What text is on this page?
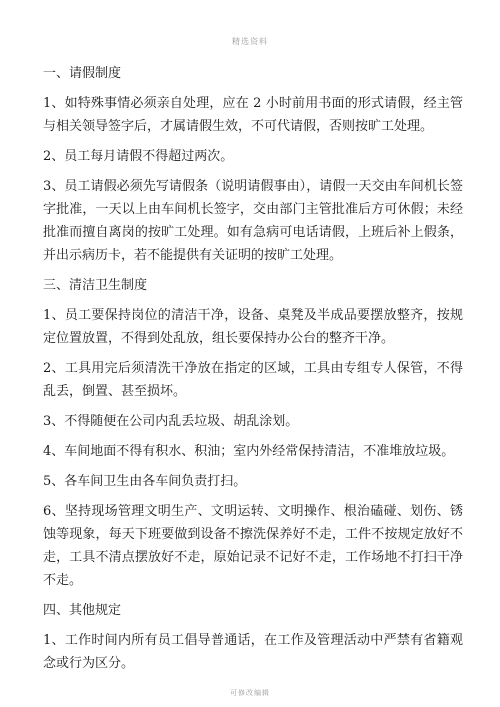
精选资料

一、请假制度

1、如特殊事情必须亲自处理，应在 2 小时前用书面的形式请假，经主管与相关领导签字后，才属请假生效，不可代请假，否则按旷工处理。

2、员工每月请假不得超过两次。

3、员工请假必须先写请假条（说明请假事由），请假一天交由车间机长签字批准，一天以上由车间机长签字，交由部门主管批准后方可休假；未经批准而擅自离岗的按旷工处理。如有急病可电话请假，上班后补上假条，并出示病历卡，若不能提供有关证明的按旷工处理。

三、清洁卫生制度

1、员工要保持岗位的清洁干净，设备、桌凳及半成品要摆放整齐，按规定位置放置，不得到处乱放，组长要保持办公台的整齐干净。

2、工具用完后须清洗干净放在指定的区域，工具由专组专人保管，不得乱丢，倒置、甚至损坏。

3、不得随便在公司内乱丢垃圾、胡乱涂划。

4、车间地面不得有积水、积油；室内外经常保持清洁，不准堆放垃圾。

5、各车间卫生由各车间负责打扫。

6、坚持现场管理文明生产、文明运转、文明操作、根治磕碰、划伤、锈蚀等现象，每天下班要做到设备不擦洗保养好不走，工件不按规定放好不走，工具不清点摆放好不走，原始记录不记好不走，工作场地不打扫干净不走。

四、其他规定

1、工作时间内所有员工倡导普通话，在工作及管理活动中严禁有省籍观念或行为区分。

可修改编辑
